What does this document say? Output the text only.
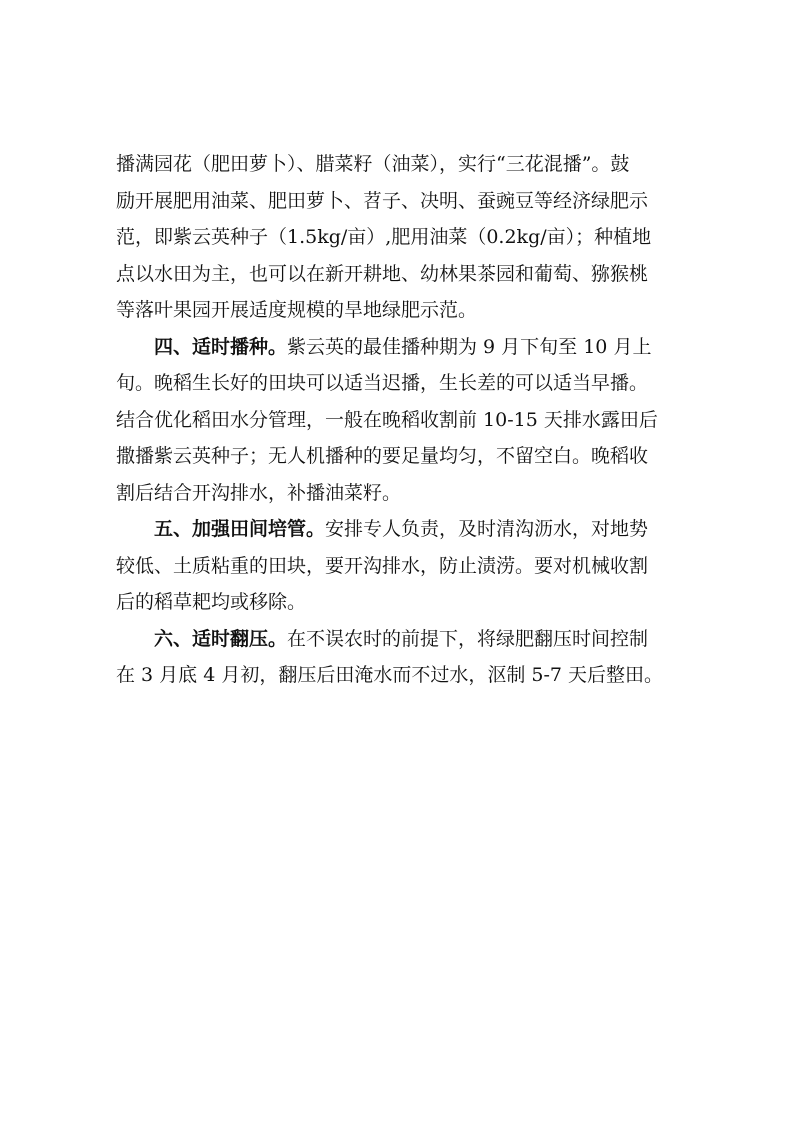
播满园花（肥田萝卜）、腊菜籽（油菜），实行“三花混播”。鼓
励开展肥用油菜、肥田萝卜、苕子、决明、蚕豌豆等经济绿肥示
范，即紫云英种子（1.5kg/亩）,肥用油菜（0.2kg/亩）；种植地
点以水田为主，也可以在新开耕地、幼林果茶园和葡萄、猕猴桃
等落叶果园开展适度规模的旱地绿肥示范。
四、适时播种。紫云英的最佳播种期为 9 月下旬至 10 月上
旬。晚稻生长好的田块可以适当迟播，生长差的可以适当早播。
结合优化稻田水分管理，一般在晚稻收割前 10-15 天排水露田后
撒播紫云英种子；无人机播种的要足量均匀，不留空白。晚稻收
割后结合开沟排水，补播油菜籽。
五、加强田间培管。安排专人负责，及时清沟沥水，对地势
较低、土质粘重的田块，要开沟排水，防止渍涝。要对机械收割
后的稻草耙均或移除。
六、适时翻压。在不误农时的前提下，将绿肥翻压时间控制
在 3 月底 4 月初，翻压后田淹水而不过水，沤制 5-7 天后整田。
